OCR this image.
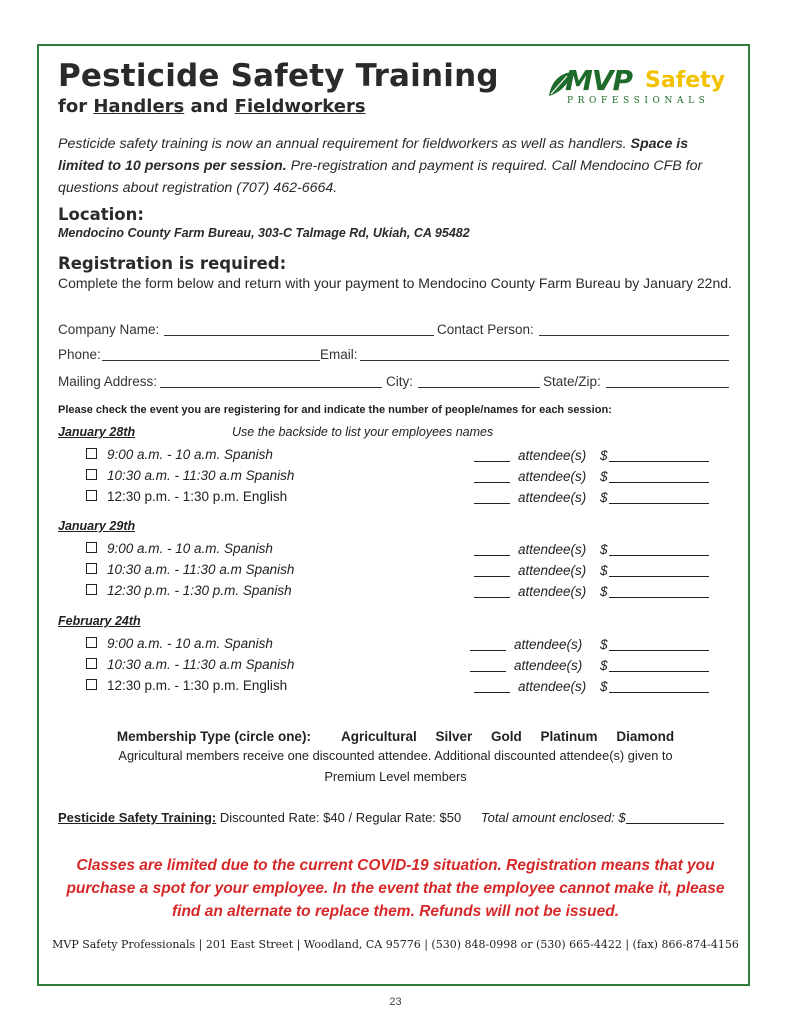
Pesticide Safety Training
for Handlers and Fieldworkers
MVP Safety
PROFESSIONALS
Pesticide safety training is now an annual requirement for fieldworkers as well as handlers. Space is limited to 10 persons per session. Pre-registration and payment is required. Call Mendocino CFB for questions about registration (707) 462-6664.
Location:
Mendocino County Farm Bureau, 303-C Talmage Rd, Ukiah, CA 95482
Registration is required:
Complete the form below and return with your payment to Mendocino County Farm Bureau by January 22nd.
Company Name:	Contact Person:
Phone:	Email:
Mailing Address:	City:	State/Zip:
Please check the event you are registering for and indicate the number of people/names for each session:
January 28th	Use the backside to list your employees names
9:00 a.m. - 10 a.m. Spanish	attendee(s) $
10:30 a.m. - 11:30 a.m Spanish	attendee(s) $
12:30 p.m. - 1:30 p.m. English	attendee(s) $
January 29th
9:00 a.m. - 10 a.m. Spanish	attendee(s) $
10:30 a.m. - 11:30 a.m Spanish	attendee(s) $
12:30 p.m. - 1:30 p.m. Spanish	attendee(s) $
February 24th
9:00 a.m. - 10 a.m. Spanish	attendee(s) $
10:30 a.m. - 11:30 a.m Spanish	attendee(s) $
12:30 p.m. - 1:30 p.m. English	attendee(s) $
Membership Type (circle one): Agricultural Silver Gold Platinum Diamond
Agricultural members receive one discounted attendee. Additional discounted attendee(s) given to
Premium Level members
Pesticide Safety Training: Discounted Rate: $40 / Regular Rate: $50 Total amount enclosed: $
Classes are limited due to the current COVID-19 situation. Registration means that you
purchase a spot for your employee. In the event that the employee cannot make it, please
find an alternate to replace them. Refunds will not be issued.
MVP Safety Professionals | 201 East Street | Woodland, CA 95776 | (530) 848-0998 or (530) 665-4422 | (fax) 866-874-4156
23
